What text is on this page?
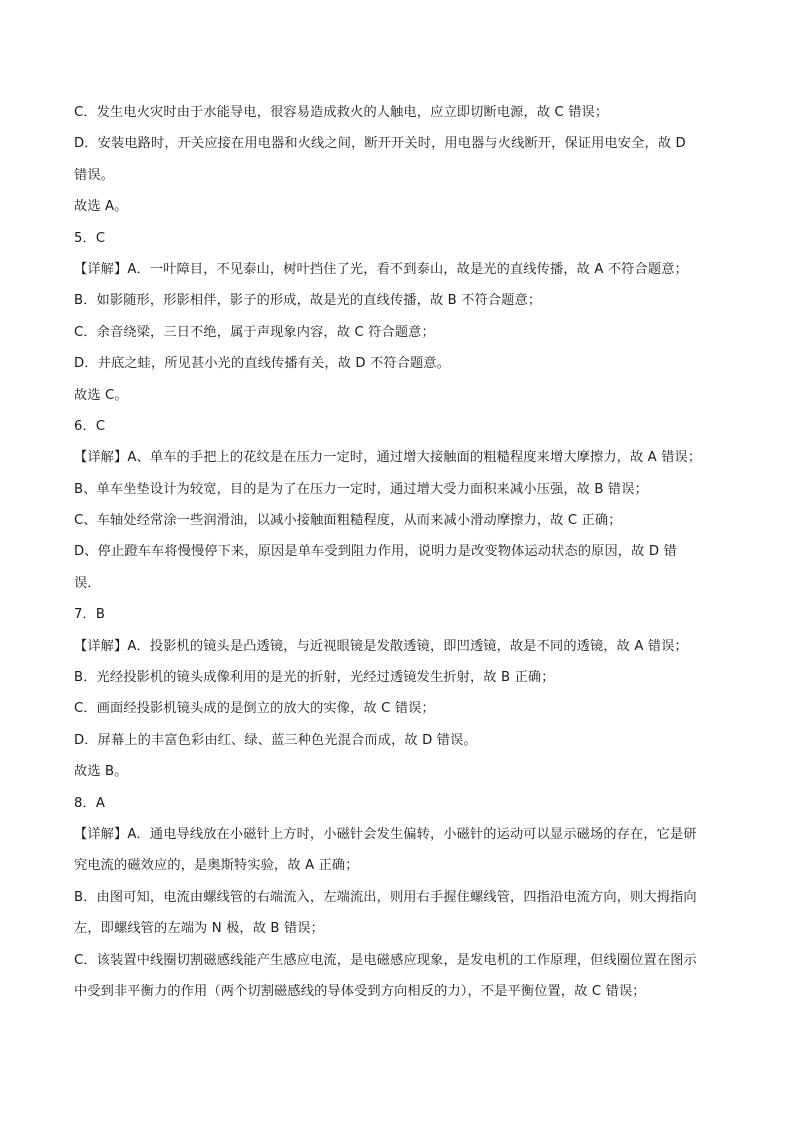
C．发生电火灾时由于水能导电，很容易造成救火的人触电，应立即切断电源，故 C 错误；
D．安装电路时，开关应接在用电器和火线之间，断开开关时，用电器与火线断开，保证用电安全，故 D
错误。
故选 A。
5．C
【详解】A．一叶障目，不见泰山，树叶挡住了光，看不到泰山，故是光的直线传播，故 A 不符合题意；
B．如影随形，形影相伴，影子的形成，故是光的直线传播，故 B 不符合题意；
C．余音绕梁，三日不绝，属于声现象内容，故 C 符合题意；
D．井底之蛙，所见甚小光的直线传播有关，故 D 不符合题意。
故选 C。
6．C
【详解】A、单车的手把上的花纹是在压力一定时，通过增大接触面的粗糙程度来增大摩擦力，故 A 错误；
B、单车坐垫设计为较宽，目的是为了在压力一定时，通过增大受力面积来减小压强，故 B 错误；
C、车轴处经常涂一些润滑油，以减小接触面粗糙程度，从而来减小滑动摩擦力，故 C 正确；
D、停止蹬车车将慢慢停下来，原因是单车受到阻力作用，说明力是改变物体运动状态的原因，故 D 错
误．
7．B
【详解】A．投影机的镜头是凸透镜，与近视眼镜是发散透镜，即凹透镜，故是不同的透镜，故 A 错误；
B．光经投影机的镜头成像利用的是光的折射，光经过透镜发生折射，故 B 正确；
C．画面经投影机镜头成的是倒立的放大的实像，故 C 错误；
D．屏幕上的丰富色彩由红、绿、蓝三种色光混合而成，故 D 错误。
故选 B。
8．A
【详解】A．通电导线放在小磁针上方时，小磁针会发生偏转，小磁针的运动可以显示磁场的存在，它是研
究电流的磁效应的，是奥斯特实验，故 A 正确；
B．由图可知，电流由螺线管的右端流入，左端流出，则用右手握住螺线管，四指沿电流方向，则大拇指向
左，即螺线管的左端为 N 极，故 B 错误；
C．该装置中线圈切割磁感线能产生感应电流，是电磁感应现象，是发电机的工作原理，但线圈位置在图示
中受到非平衡力的作用（两个切割磁感线的导体受到方向相反的力），不是平衡位置，故 C 错误；
